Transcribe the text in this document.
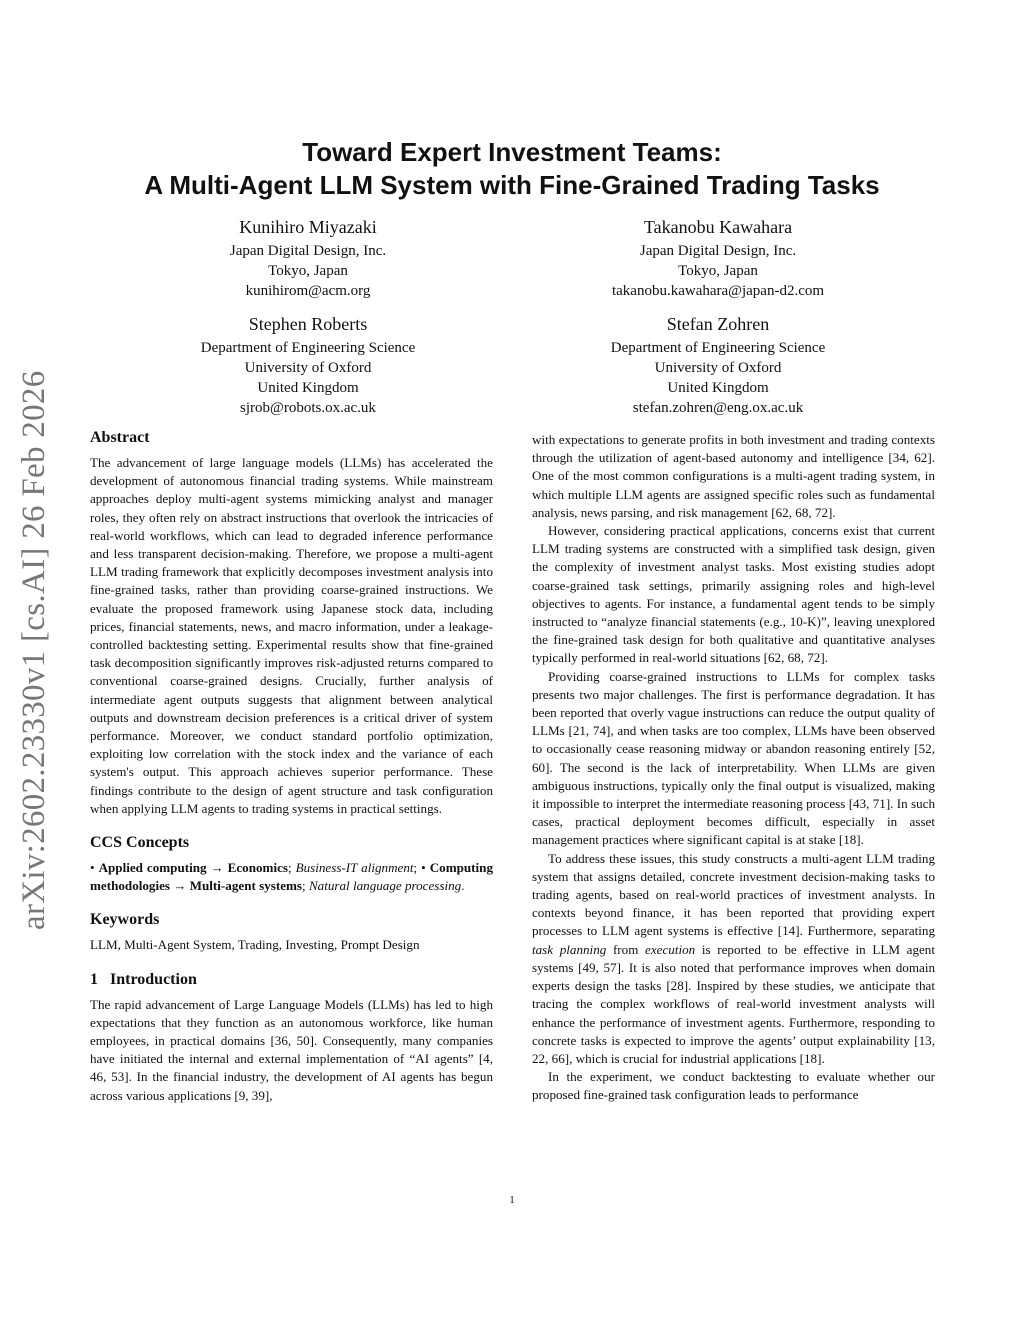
Toward Expert Investment Teams:
A Multi-Agent LLM System with Fine-Grained Trading Tasks
Kunihiro Miyazaki
Japan Digital Design, Inc.
Tokyo, Japan
kunihirom@acm.org
Takanobu Kawahara
Japan Digital Design, Inc.
Tokyo, Japan
takanobu.kawahara@japan-d2.com
Stephen Roberts
Department of Engineering Science
University of Oxford
United Kingdom
sjrob@robots.ox.ac.uk
Stefan Zohren
Department of Engineering Science
University of Oxford
United Kingdom
stefan.zohren@eng.ox.ac.uk
arXiv:2602.23330v1 [cs.AI] 26 Feb 2026 Abstract

The advancement of large language models (LLMs) has accelerated the development of autonomous financial trading systems. While mainstream approaches deploy multi-agent systems mimicking analyst and manager roles, they often rely on abstract instructions that overlook the intricacies of real-world workflows, which can lead to degraded inference performance and less transparent decision-making. Therefore, we propose a multi-agent LLM trading framework that explicitly decomposes investment analysis into fine-grained tasks, rather than providing coarse-grained instructions. We evaluate the proposed framework using Japanese stock data, including prices, financial statements, news, and macro information, under a leakage-controlled backtesting setting. Experimental results show that fine-grained task decomposition significantly improves risk-adjusted returns compared to conventional coarse-grained designs. Crucially, further analysis of intermediate agent outputs suggests that alignment between analytical outputs and downstream decision preferences is a critical driver of system performance. Moreover, we conduct standard portfolio optimization, exploiting low correlation with the stock index and the variance of each system's output. This approach achieves superior performance. These findings contribute to the design of agent structure and task configuration when applying LLM agents to trading systems in practical settings.

CCS Concepts

• Applied computing → Economics; Business-IT alignment; • Computing methodologies → Multi-agent systems; Natural language processing.

Keywords

LLM, Multi-Agent System, Trading, Investing, Prompt Design

1   Introduction

The rapid advancement of Large Language Models (LLMs) has led to high expectations that they function as an autonomous workforce, like human employees, in practical domains [36, 50]. Consequently, many companies have initiated the internal and external implementation of “AI agents” [4, 46, 53]. In the financial industry, the development of AI agents has begun across various applications [9, 39],

with expectations to generate profits in both investment and trading contexts through the utilization of agent-based autonomy and intelligence [34, 62]. One of the most common configurations is a multi-agent trading system, in which multiple LLM agents are assigned specific roles such as fundamental analysis, news parsing, and risk management [62, 68, 72].

However, considering practical applications, concerns exist that current LLM trading systems are constructed with a simplified task design, given the complexity of investment analyst tasks. Most existing studies adopt coarse-grained task settings, primarily assigning roles and high-level objectives to agents. For instance, a fundamental agent tends to be simply instructed to “analyze financial statements (e.g., 10-K)”, leaving unexplored the fine-grained task design for both qualitative and quantitative analyses typically performed in real-world situations [62, 68, 72].

Providing coarse-grained instructions to LLMs for complex tasks presents two major challenges. The first is performance degradation. It has been reported that overly vague instructions can reduce the output quality of LLMs [21, 74], and when tasks are too complex, LLMs have been observed to occasionally cease reasoning midway or abandon reasoning entirely [52, 60]. The second is the lack of interpretability. When LLMs are given ambiguous instructions, typically only the final output is visualized, making it impossible to interpret the intermediate reasoning process [43, 71]. In such cases, practical deployment becomes difficult, especially in asset management practices where significant capital is at stake [18].

To address these issues, this study constructs a multi-agent LLM trading system that assigns detailed, concrete investment decision-making tasks to trading agents, based on real-world practices of investment analysts. In contexts beyond finance, it has been reported that providing expert processes to LLM agent systems is effective [14]. Furthermore, separating task planning from execution is reported to be effective in LLM agent systems [49, 57]. It is also noted that performance improves when domain experts design the tasks [28]. Inspired by these studies, we anticipate that tracing the complex workflows of real-world investment analysts will enhance the performance of investment agents. Furthermore, responding to concrete tasks is expected to improve the agents’ output explainability [13, 22, 66], which is crucial for industrial applications [18].

In the experiment, we conduct backtesting to evaluate whether our proposed fine-grained task configuration leads to performance

1
